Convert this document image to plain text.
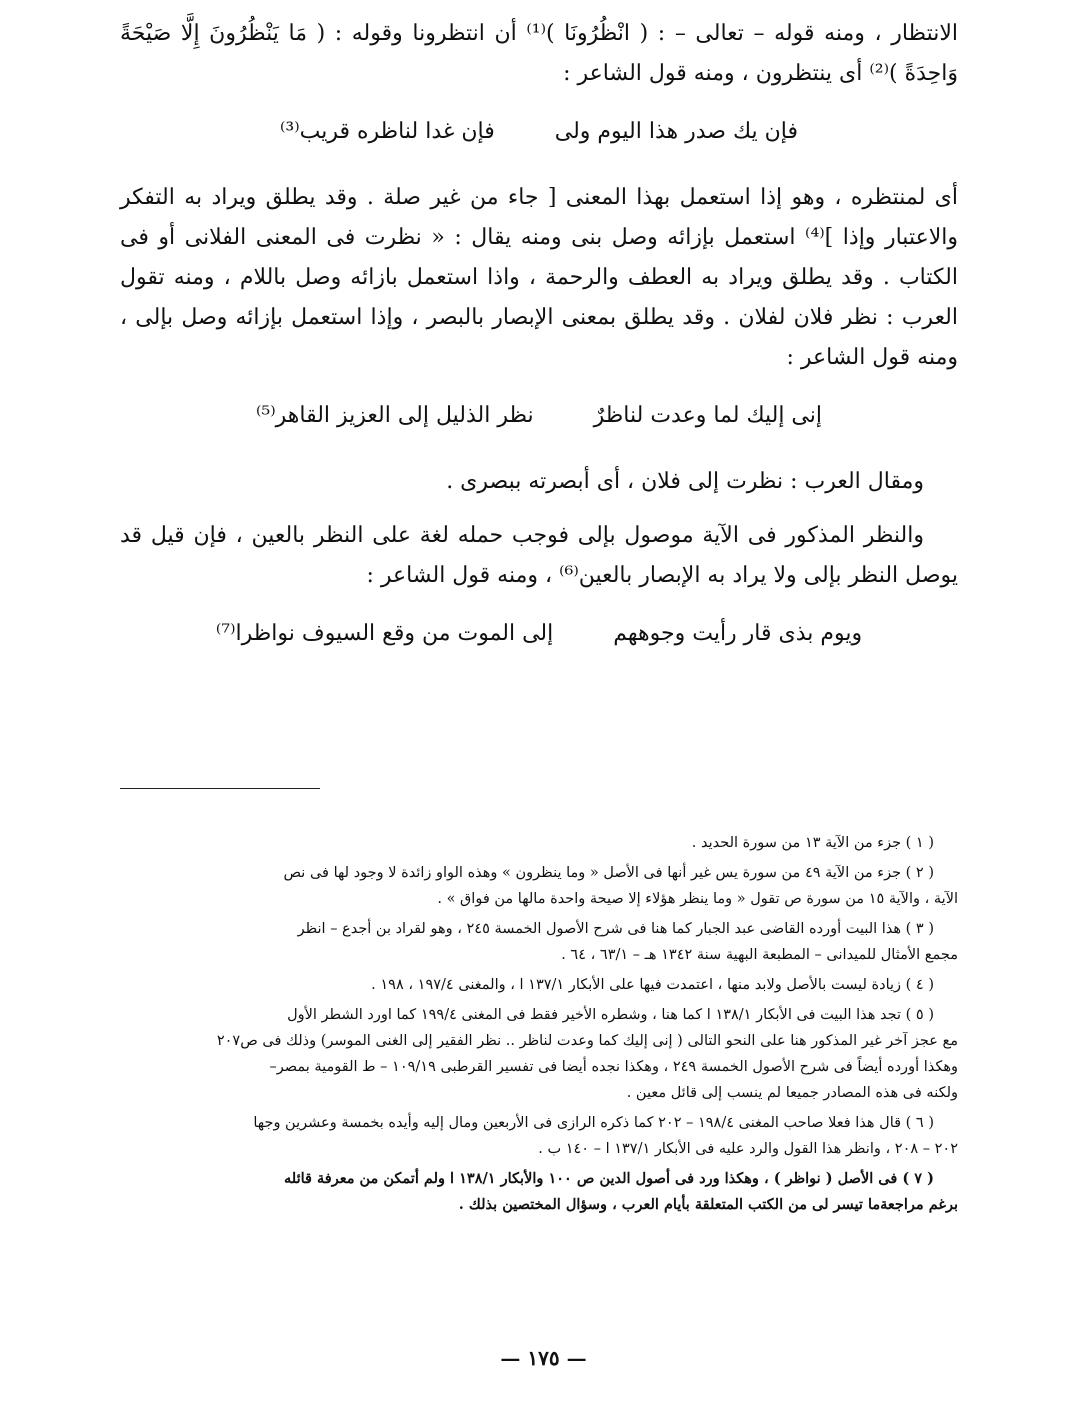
الانتظار ، ومنه قوله – تعالى – : ( انْظُرُونَا )⁽¹⁾ أن انتظرونا وقوله : ( مَا يَنْظُرُونَ إِلَّا صَيْحَةً وَاحِدَةً )⁽²⁾ أى ينتظرون ، ومنه قول الشاعر :

فإن يك صدر هذا اليوم ولى
فإن غدا لناظره قريب⁽³⁾

أى لمنتظره ، وهو إذا استعمل بهذا المعنى [ جاء من غير صلة . وقد يطلق ويراد به التفكر والاعتبار وإذا ]⁽⁴⁾ استعمل بإزائه وصل بنى ومنه يقال : « نظرت فى المعنى الفلانى أو فى الكتاب . وقد يطلق ويراد به العطف والرحمة ، واذا استعمل بازائه وصل باللام ، ومنه تقول العرب : نظر فلان لفلان . وقد يطلق بمعنى الإبصار بالبصر ، وإذا استعمل بإزائه وصل بإلى ، ومنه قول الشاعر :

إنى إليك لما وعدت لناظرٌ
نظر الذليل إلى العزيز القاهر⁽⁵⁾

ومقال العرب : نظرت إلى فلان ، أى أبصرته ببصرى .

والنظر المذكور فى الآية موصول بإلى فوجب حمله لغة على النظر بالعين ، فإن قيل قد يوصل النظر بإلى ولا يراد به الإبصار بالعين⁽⁶⁾ ، ومنه قول الشاعر :

ويوم بذى قار رأيت وجوههم
إلى الموت من وقع السيوف نواظرا⁽⁷⁾

( ١ ) جزء من الآية ١٣ من سورة الحديد .

( ٢ ) جزء من الآية ٤٩ من سورة يس غير أنها فى الأصل « وما ينظرون » وهذه الواو زائدة لا وجود لها فى نص
الآية ، والآية ١٥ من سورة ص تقول « وما ينظر هؤلاء إلا صيحة واحدة مالها من فواق » .

( ٣ ) هذا البيت أورده القاضى عبد الجبار كما هنا فى شرح الأصول الخمسة ٢٤٥ ، وهو لقراد بن أجدع – انظر
مجمع الأمثال للميدانى – المطبعة البهية سنة ١٣٤٢ هـ – ٦٣/١ ، ٦٤ .

( ٤ ) زيادة ليست بالأصل ولابد منها ، اعتمدت فيها على الأبكار ١٣٧/١ ا ، والمغنى ١٩٧/٤ ، ١٩٨ .

( ٥ ) تجد هذا البيت فى الأبكار ١٣٨/١ ا كما هنا ، وشطره الأخير فقط فى المغنى ١٩٩/٤ كما اورد الشطر الأول
مع عجز آخر غير المذكور هنا على النحو التالى ( إنى إليك كما وعدت لناظر .. نظر الفقير إلى الغنى الموسر) وذلك فى ص٢٠٧
وهكذا أورده أيضاً فى شرح الأصول الخمسة ٢٤٩ ، وهكذا نجده أيضا فى تفسير القرطبى ١٠٩/١٩ – ط القومية بمصر–
ولكنه فى هذه المصادر جميعا لم ينسب إلى قائل معين .

( ٦ ) قال هذا فعلا صاحب المغنى ١٩٨/٤ – ٢٠٢ كما ذكره الرازى فى الأربعين ومال إليه وأيده بخمسة وعشرين وجها
٢٠٢ – ٢٠٨ ، وانظر هذا القول والرد عليه فى الأبكار ١٣٧/١ ا – ١٤٠ ب .

( ٧ ) فى الأصل ( نواظر ) ، وهكذا ورد فى أصول الدين ص ١٠٠ والأبكار ١٣٨/١ ا ولم أتمكن من معرفة قائله
برغم مراجعةما تيسر لى من الكتب المتعلقة بأيام العرب ، وسؤال المختصين بذلك .

— ١٧٥ —
